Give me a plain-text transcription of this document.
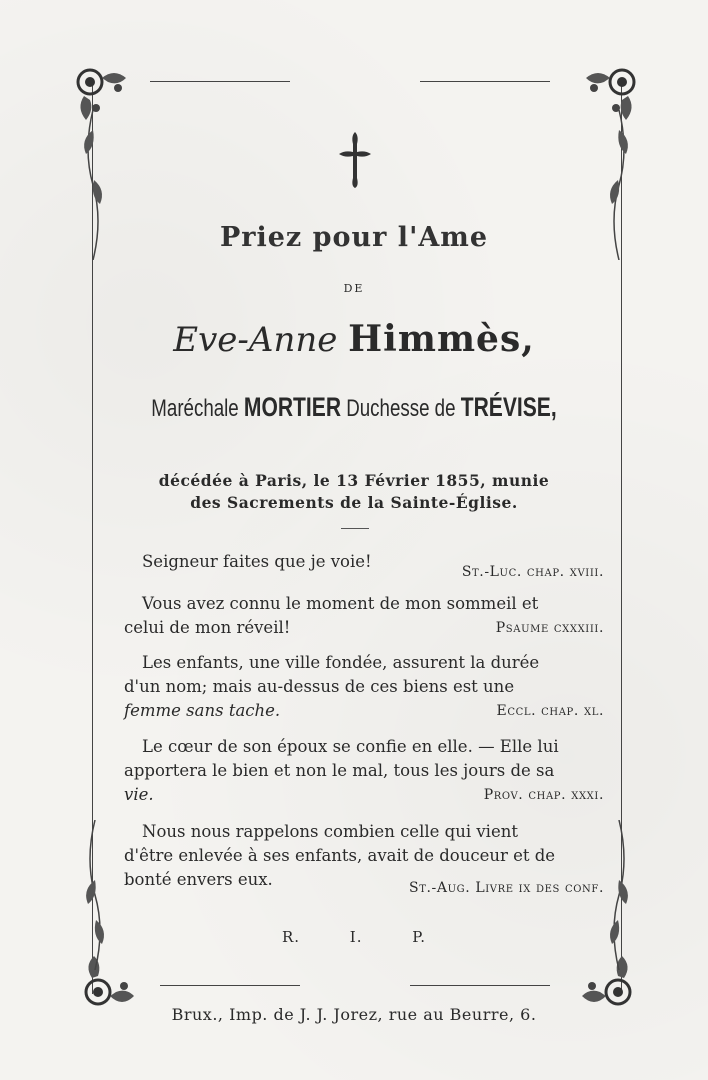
Priez pour l'Ame
DE
Eve-Anne Himmès,
Maréchale MORTIER Duchesse de TRÉVISE,
décédée à Paris, le 13 Février 1855, munie
des Sacrements de la Sainte-Église.
Seigneur faites que je voie!
St.-Luc. chap. xviii.
Vous avez connu le moment de mon sommeil et
celui de mon réveil!	Psaume cxxxiii.
Les enfants, une ville fondée, assurent la durée
d'un nom; mais au-dessus de ces biens est une
femme sans tache.	Eccl. chap. xl.
Le cœur de son époux se confie en elle. — Elle lui
apportera le bien et non le mal, tous les jours de sa
vie.	Prov. chap. xxxi.
Nous nous rappelons combien celle qui vient
d'être enlevée à ses enfants, avait de douceur et de
bonté envers eux.	St.-Aug. Livre ix des conf.
R. I. P.
Brux., Imp. de J. J. Jorez, rue au Beurre, 6.
